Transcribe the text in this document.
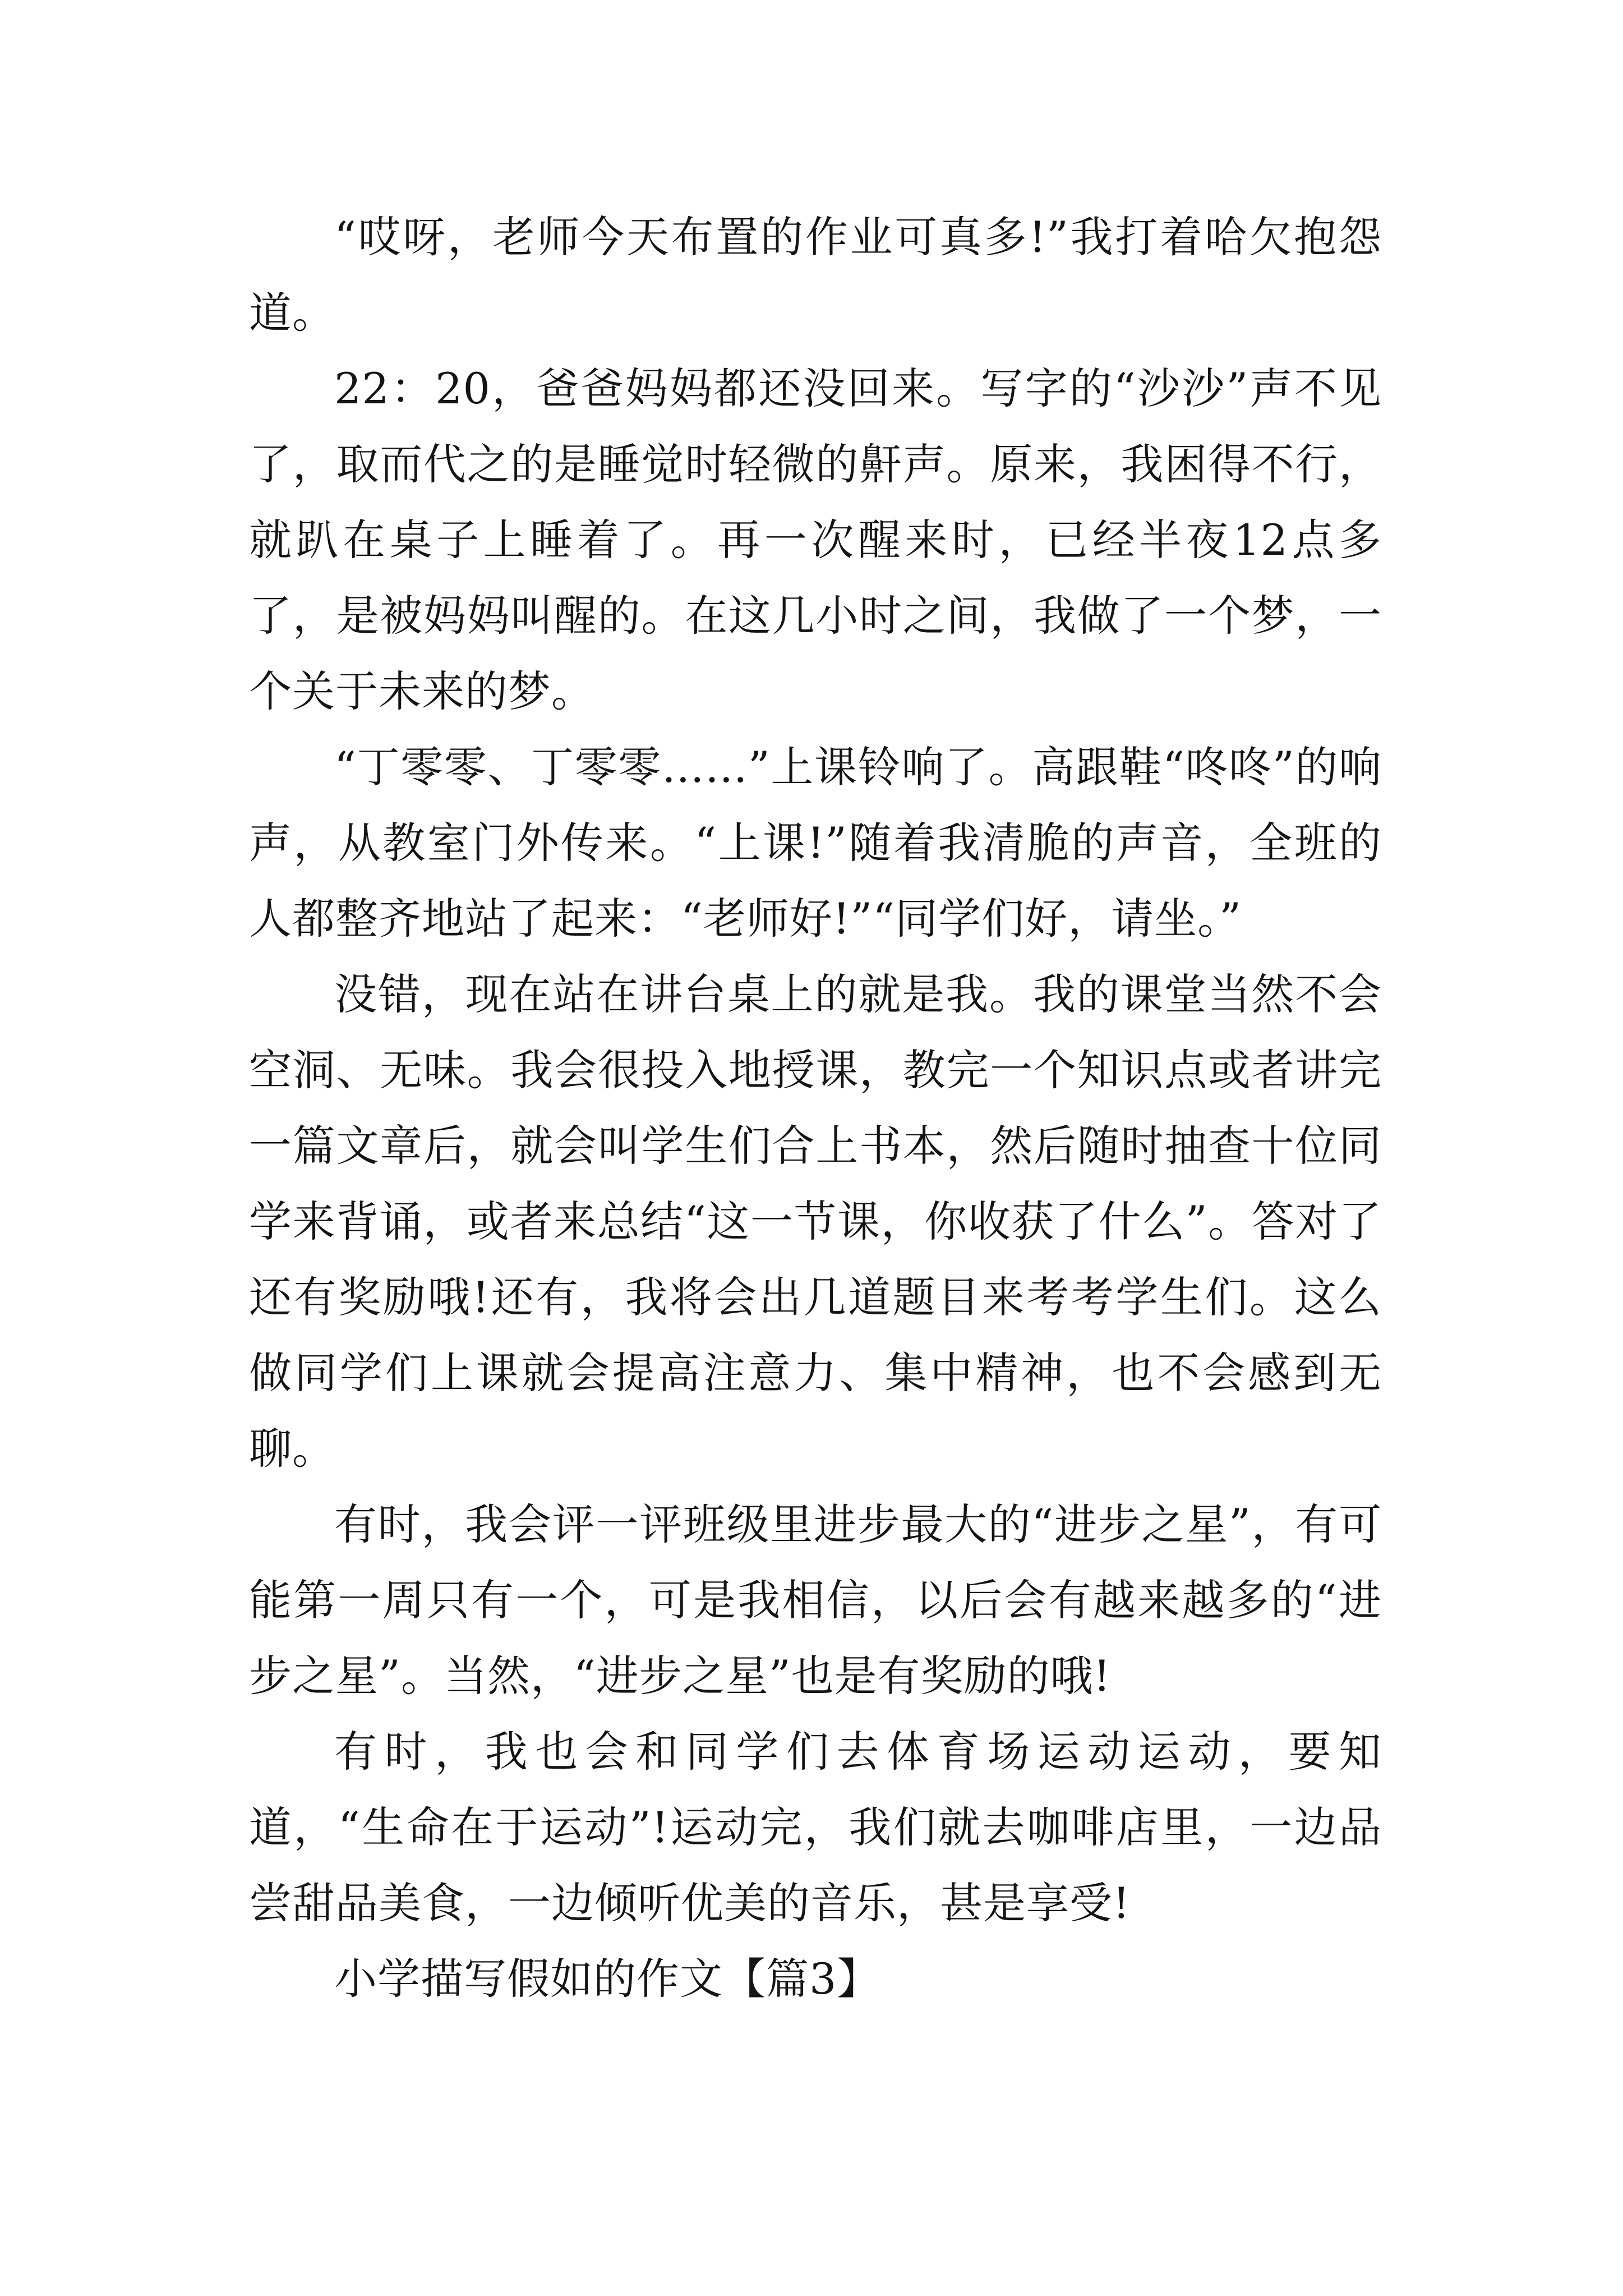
“哎呀，老师今天布置的作业可真多!”我打着哈欠抱怨道。

22：20，爸爸妈妈都还没回来。写字的“沙沙”声不见了，取而代之的是睡觉时轻微的鼾声。原来，我困得不行，就趴在桌子上睡着了。再一次醒来时，已经半夜12点多了，是被妈妈叫醒的。在这几小时之间，我做了一个梦，一个关于未来的梦。

“丁零零、丁零零……”上课铃响了。高跟鞋“咚咚”的响声，从教室门外传来。“上课!”随着我清脆的声音，全班的人都整齐地站了起来：“老师好!”“同学们好，请坐。”

没错，现在站在讲台桌上的就是我。我的课堂当然不会空洞、无味。我会很投入地授课，教完一个知识点或者讲完一篇文章后，就会叫学生们合上书本，然后随时抽查十位同学来背诵，或者来总结“这一节课，你收获了什么”。答对了还有奖励哦!还有，我将会出几道题目来考考学生们。这么做同学们上课就会提高注意力、集中精神，也不会感到无聊。

有时，我会评一评班级里进步最大的“进步之星”，有可能第一周只有一个，可是我相信，以后会有越来越多的“进步之星”。当然，“进步之星”也是有奖励的哦!

有时，我也会和同学们去体育场运动运动，要知道，“生命在于运动”!运动完，我们就去咖啡店里，一边品尝甜品美食，一边倾听优美的音乐，甚是享受!

小学描写假如的作文【篇3】
